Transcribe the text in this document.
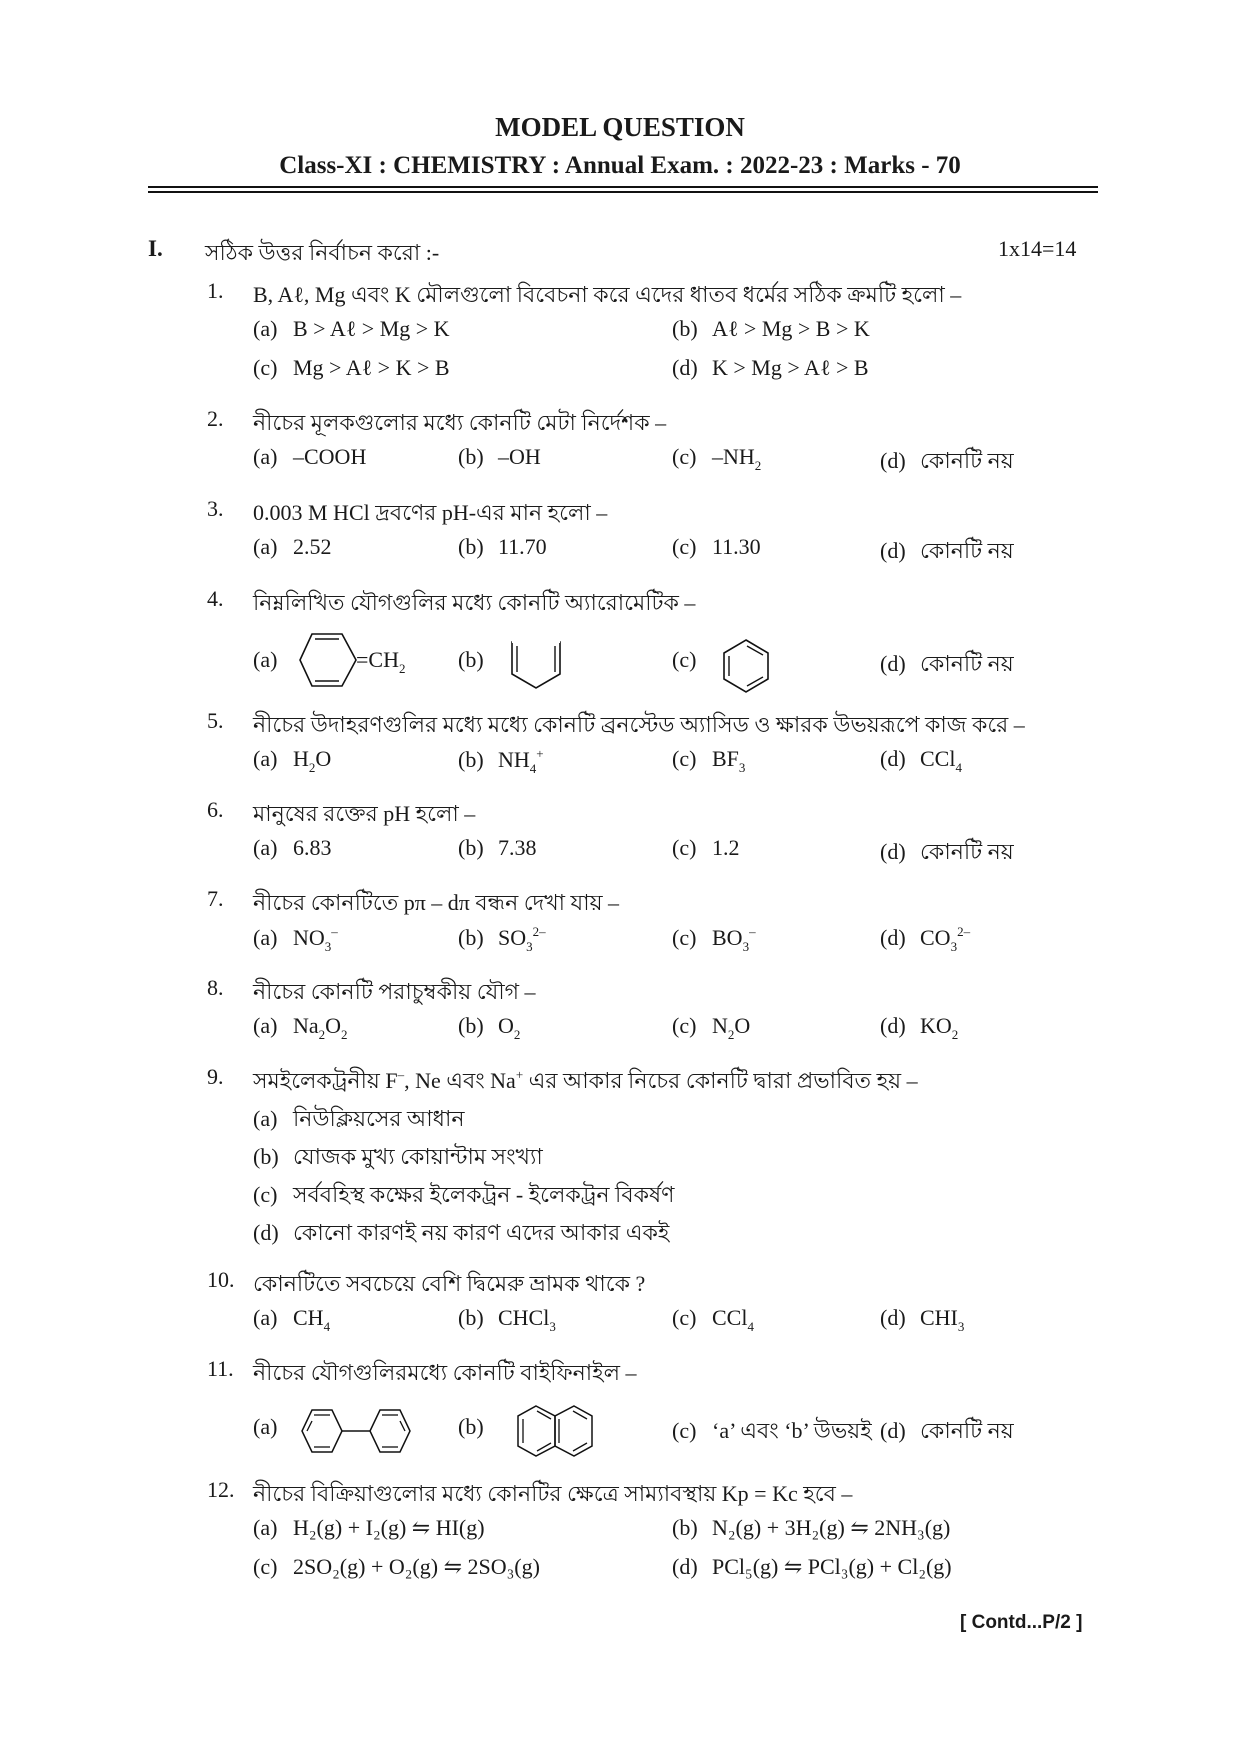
MODEL QUESTION
Class-XI : CHEMISTRY : Annual Exam. : 2022-23 : Marks - 70
I. সঠিক উত্তর নির্বাচন করো :-	1x14=14
1. B, Aℓ, Mg এবং K মৌলগুলো বিবেচনা করে এদের ধাতব ধর্মের সঠিক ক্রমটি হলো –
(a) B > Aℓ > Mg > K	(b) Aℓ > Mg > B > K
(c) Mg > Aℓ > K > B	(d) K > Mg > Aℓ > B
2. নীচের মূলকগুলোর মধ্যে কোনটি মেটা নির্দেশক –
(a) –COOH	(b) –OH	(c) $-NH_2$	(d) কোনটি নয়
3. 0.003 M HCl দ্রবণের pH-এর মান হলো –
(a) 2.52	(b) 11.70	(c) 11.30	(d) কোনটি নয়
4. নিম্নলিখিত যৌগগুলির মধ্যে কোনটি অ্যারোমেটিক –
(a)	$=CH_2$ (b)	(c)	(d) কোনটি নয়
5. নীচের উদাহরণগুলির মধ্যে মধ্যে কোনটি ব্রনস্টেড অ্যাসিড ও ক্ষারক উভয়রূপে কাজ করে –
(a) $H_2O$	(b) $NH_4^+$	(c) $BF_3$	(d) CCl$_4$
6. মানুষের রক্তের pH হলো –
(a) 6.83	(b) 7.38	(c) 1.2	(d) কোনটি নয়
7. নীচের কোনটিতে pπ – dπ বন্ধন দেখা যায় –
(a) $NO_3^-$	(b) $SO_3^{2-}$	(c) $BO_3^-$	(d) $CO_3^{2-}$
8. নীচের কোনটি পরাচুম্বকীয় যৌগ –
(a) $Na_2O_2$	(b) $O_2$	(c) $N_2O$	(d) $KO_2$
9. সমইলেকট্রনীয় F–, Ne এবং Na+ এর আকার নিচের কোনটি দ্বারা প্রভাবিত হয় –
(a) নিউক্লিয়সের আধান
(b) যোজক মুখ্য কোয়ান্টাম সংখ্যা
(c) সর্ববহিস্থ কক্ষের ইলেকট্রন - ইলেকট্রন বিকর্ষণ
(d) কোনো কারণই নয় কারণ এদের আকার একই
10. কোনটিতে সবচেয়ে বেশি দ্বিমেরু ভ্রামক থাকে ?
(a) $CH_4$	(b) CHCl$_3$	(c) CCl$_4$	(d) $CHI_3$
11. নীচের যৌগগুলিরমধ্যে কোনটি বাইফিনাইল –
(a)	(b)	(c) ‘a’ এবং ‘b’ উভয়ই (d) কোনটি নয়
12. নীচের বিক্রিয়াগুলোর মধ্যে কোনটির ক্ষেত্রে সাম্যাবস্থায় Kp = Kc হবে –
(a) H₂(g) + I₂(g) ⇋ HI(g)	(b) N₂(g) + 3H₂(g) ⇋ 2NH₃(g)
(c) 2SO₂(g) + O₂(g) ⇋ 2SO₃(g)	(d) PCl₅(g) ⇋ PCl₃(g) + Cl₂(g)
[ Contd...P/2 ]
